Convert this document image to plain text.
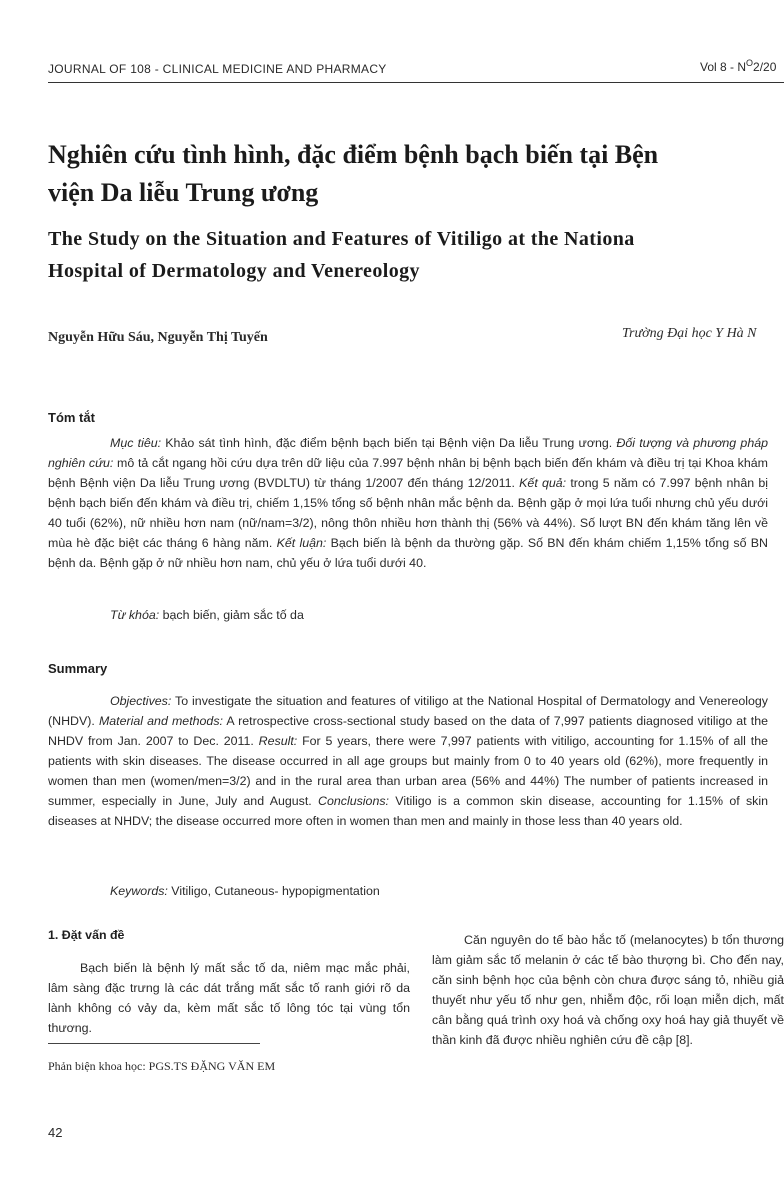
JOURNAL OF 108 - CLINICAL MEDICINE AND PHARMACY	Vol $8 - N^O2/20$
Nghiên cứu tình hình, đặc điểm bệnh bạch biến tại Bện
viện Da liễu Trung ương
The Study on the Situation and Features of Vitiligo at the Nationa
Hospital of Dermatology and Venereology
Nguyễn Hữu Sáu, Nguyễn Thị Tuyến	Trường Đại học Y Hà N
Tóm tắt

Mục tiêu: Khảo sát tình hình, đặc điểm bệnh bạch biến tại Bệnh viện Da liễu Trung ương. Đối tượng và phương pháp nghiên cứu: mô tả cắt ngang hồi cứu dựa trên dữ liệu của 7.997 bệnh nhân bị bệnh bạch biến đến khám và điều trị tại Khoa khám bệnh Bệnh viện Da liễu Trung ương (BVDLTU) từ tháng 1/2007 đến tháng 12/2011. Kết quả: trong 5 năm có 7.997 bệnh nhân bị bệnh bạch biến đến khám và điều trị, chiếm 1,15% tổng số bệnh nhân mắc bệnh da. Bệnh gặp ở mọi lứa tuổi nhưng chủ yếu dưới 40 tuổi (62%), nữ nhiều hơn nam (nữ/nam=3/2), nông thôn nhiều hơn thành thị (56% và 44%). Số lượt BN đến khám tăng lên về mùa hè đặc biệt các tháng 6 hàng năm. Kết luận: Bạch biến là bệnh da thường gặp. Số BN đến khám chiếm 1,15% tổng số BN bệnh da. Bệnh gặp ở nữ nhiều hơn nam, chủ yếu ở lứa tuổi dưới 40.

Từ khóa: bạch biến, giảm sắc tố da
Summary

Objectives: To investigate the situation and features of vitiligo at the National Hospital of Dermatology and Venereology (NHDV). Material and methods: A retrospective cross-sectional study based on the data of 7,997 patients diagnosed vitiligo at the NHDV from Jan. 2007 to Dec. 2011. Result: For 5 years, there were 7,997 patients with vitiligo, accounting for 1.15% of all the patients with skin diseases. The disease occurred in all age groups but mainly from 0 to 40 years old (62%), more frequently in women than men (women/men=3/2) and in the rural area than urban area (56% and 44%) The number of patients increased in summer, especially in June, July and August. Conclusions: Vitiligo is a common skin disease, accounting for 1.15% of skin diseases at NHDV; the disease occurred more often in women than men and mainly in those less than 40 years old.

Keywords: Vitiligo, Cutaneous- hypopigmentation
1. Đặt vấn đề

Bạch biến là bệnh lý mất sắc tố da, niêm mạc mắc phải, lâm sàng đặc trưng là các dát trắng mất sắc tố ranh giới rõ da lành không có vảy da, kèm mất sắc tố lông tóc tại vùng tổn thương.

Căn nguyên do tế bào hắc tố (melanocytes) b tổn thương làm giảm sắc tố melanin ở các tế bào thượng bì. Cho đến nay, căn sinh bệnh học của bệnh còn chưa được sáng tỏ, nhiều giả thuyết như yếu tố như gen, nhiễm độc, rối loạn miễn dịch, mất cân bằng quá trình oxy hoá và chống oxy hoá hay giả thuyết về thần kinh đã được nhiều nghiên cứu đề cập [8].

Phản biện khoa học: PGS.TS ĐẶNG VĂN EM
42
